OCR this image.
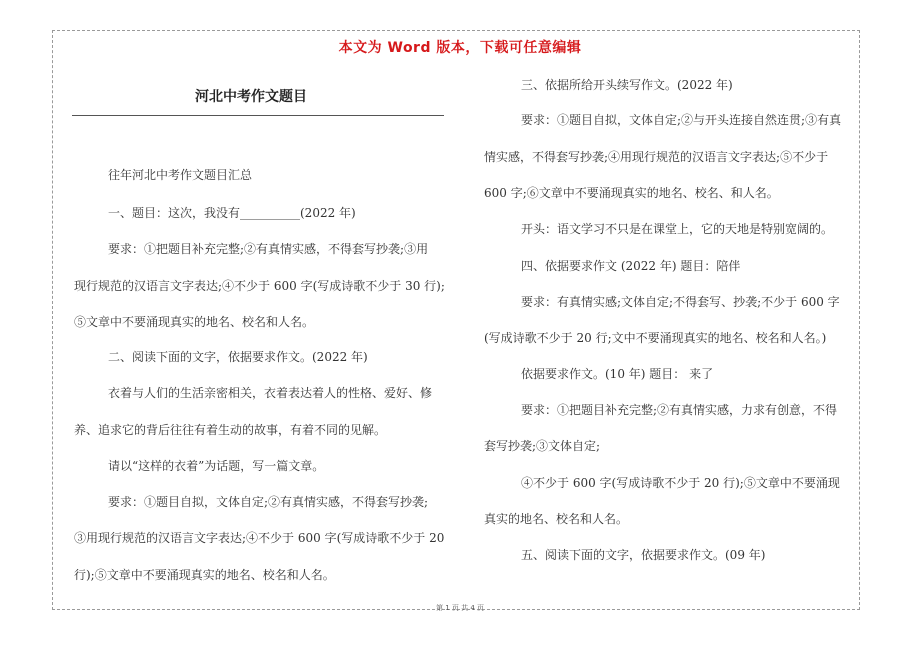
本文为 Word 版本，下载可任意编辑
河北中考作文题目
往年河北中考作文题目汇总
一、题目：这次，我没有__________(2022 年)
要求：①把题目补充完整;②有真情实感，不得套写抄袭;③用
现行规范的汉语言文字表达;④不少于 600 字(写成诗歌不少于 30 行);
⑤文章中不要涌现真实的地名、校名和人名。
二、阅读下面的文字，依据要求作文。(2022 年)
衣着与人们的生活亲密相关，衣着表达着人的性格、爱好、修
养、追求它的背后往往有着生动的故事，有着不同的见解。
请以“这样的衣着”为话题，写一篇文章。
要求：①题目自拟，文体自定;②有真情实感，不得套写抄袭;
③用现行规范的汉语言文字表达;④不少于 600 字(写成诗歌不少于 20
行);⑤文章中不要涌现真实的地名、校名和人名。
三、依据所给开头续写作文。(2022 年)
要求：①题目自拟，文体自定;②与开头连接自然连贯;③有真
情实感，不得套写抄袭;④用现行规范的汉语言文字表达;⑤不少于
600 字;⑥文章中不要涌现真实的地名、校名、和人名。
开头：语文学习不只是在课堂上，它的天地是特别宽阔的。
四、依据要求作文 (2022 年) 题目：陪伴
要求：有真情实感;文体自定;不得套写、抄袭;不少于 600 字
(写成诗歌不少于 20 行;文中不要涌现真实的地名、校名和人名。)
依据要求作文。(10 年) 题目： 来了
要求：①把题目补充完整;②有真情实感，力求有创意，不得
套写抄袭;③文体自定;
④不少于 600 字(写成诗歌不少于 20 行);⑤文章中不要涌现
真实的地名、校名和人名。
五、阅读下面的文字，依据要求作文。(09 年)
第 1 页 共 4 页
